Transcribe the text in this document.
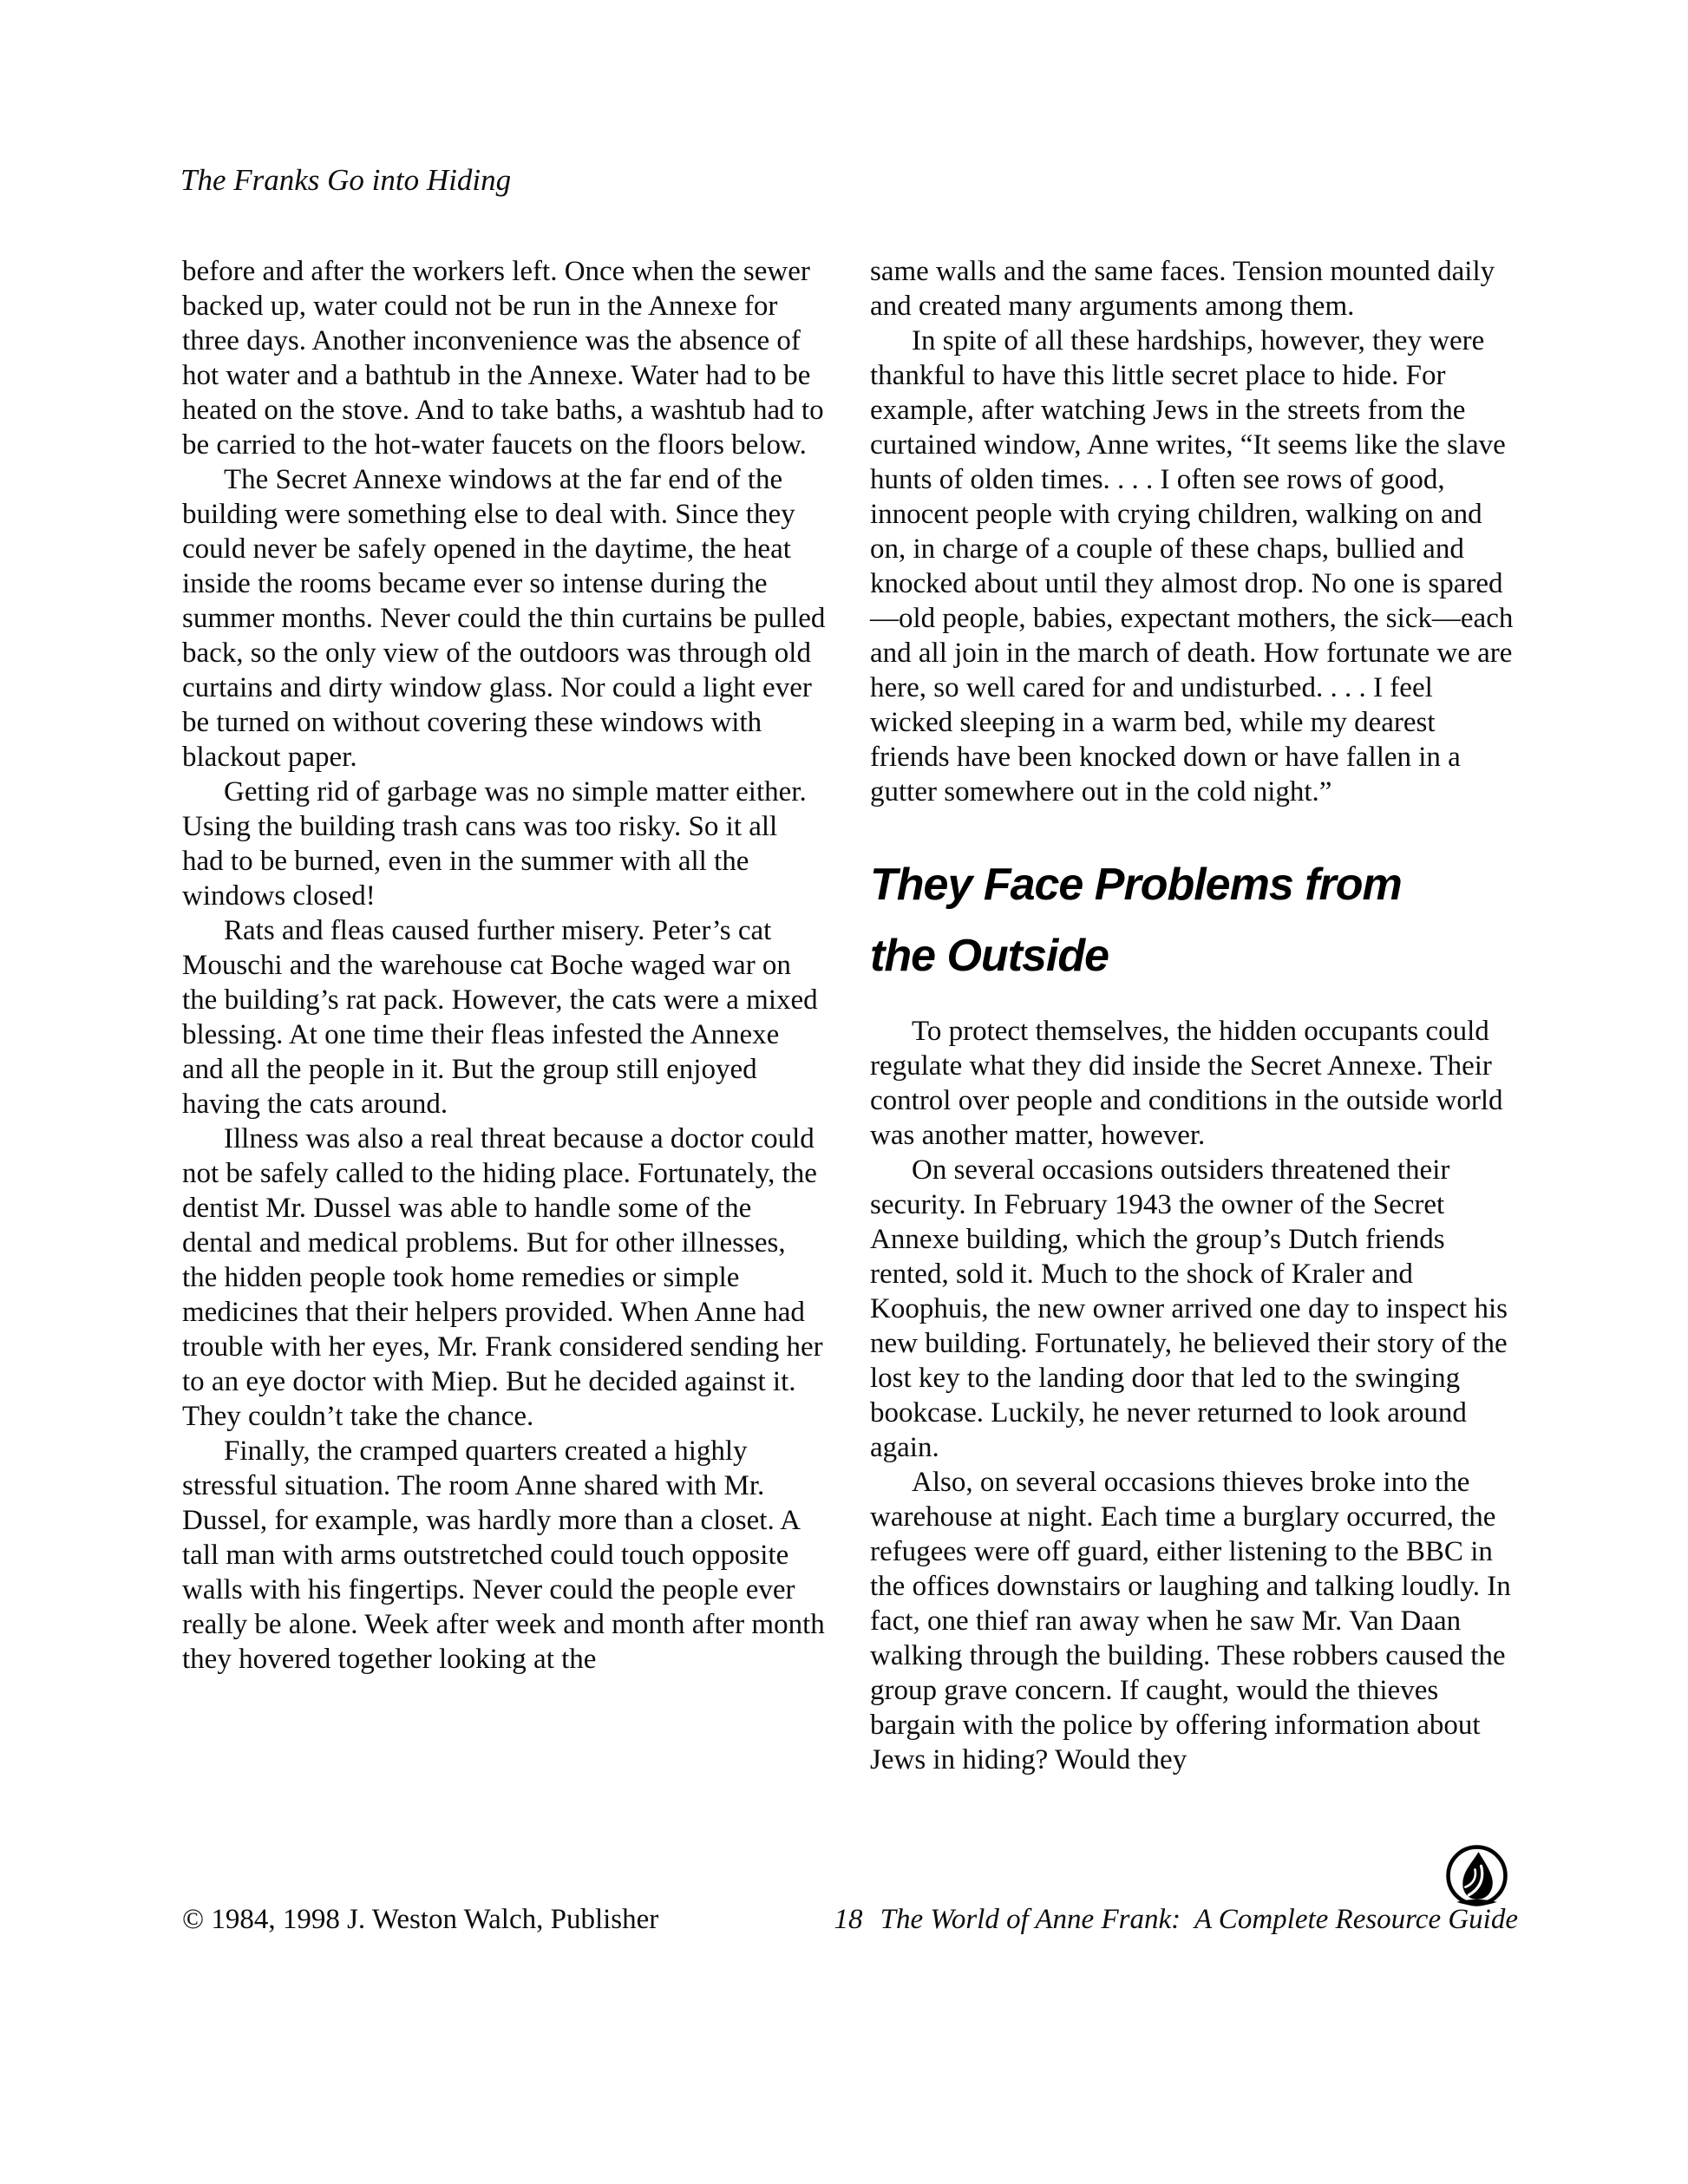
The Franks Go into Hiding

before and after the workers left. Once when the sewer backed up, water could not be run in the Annexe for three days. Another inconvenience was the absence of hot water and a bathtub in the Annexe. Water had to be heated on the stove. And to take baths, a washtub had to be carried to the hot-water faucets on the floors below.

The Secret Annexe windows at the far end of the building were something else to deal with. Since they could never be safely opened in the daytime, the heat inside the rooms became ever so intense during the summer months. Never could the thin curtains be pulled back, so the only view of the outdoors was through old curtains and dirty window glass. Nor could a light ever be turned on without covering these windows with blackout paper.

Getting rid of garbage was no simple matter either. Using the building trash cans was too risky. So it all had to be burned, even in the summer with all the windows closed!

Rats and fleas caused further misery. Peter’s cat Mouschi and the warehouse cat Boche waged war on the building’s rat pack. However, the cats were a mixed blessing. At one time their fleas infested the Annexe and all the people in it. But the group still enjoyed having the cats around.

Illness was also a real threat because a doctor could not be safely called to the hiding place. Fortunately, the dentist Mr. Dussel was able to handle some of the dental and medical problems. But for other illnesses, the hidden people took home remedies or simple medicines that their helpers provided. When Anne had trouble with her eyes, Mr. Frank considered sending her to an eye doctor with Miep. But he decided against it. They couldn’t take the chance.

Finally, the cramped quarters created a highly stressful situation. The room Anne shared with Mr. Dussel, for example, was hardly more than a closet. A tall man with arms outstretched could touch opposite walls with his fingertips. Never could the people ever really be alone. Week after week and month after month they hovered together looking at the

same walls and the same faces. Tension mounted daily and created many arguments among them.

In spite of all these hardships, however, they were thankful to have this little secret place to hide. For example, after watching Jews in the streets from the curtained window, Anne writes, “It seems like the slave hunts of olden times. . . . I often see rows of good, innocent people with crying children, walking on and on, in charge of a couple of these chaps, bullied and knocked about until they almost drop. No one is spared—old people, babies, expectant mothers, the sick—each and all join in the march of death. How fortunate we are here, so well cared for and undisturbed. . . . I feel wicked sleeping in a warm bed, while my dearest friends have been knocked down or have fallen in a gutter somewhere out in the cold night.”

They Face Problems from
the Outside

To protect themselves, the hidden occupants could regulate what they did inside the Secret Annexe. Their control over people and conditions in the outside world was another matter, however.

On several occasions outsiders threatened their security. In February 1943 the owner of the Secret Annexe building, which the group’s Dutch friends rented, sold it. Much to the shock of Kraler and Koophuis, the new owner arrived one day to inspect his new building. Fortunately, he believed their story of the lost key to the landing door that led to the swinging bookcase. Luckily, he never returned to look around again.

Also, on several occasions thieves broke into the warehouse at night. Each time a burglary occurred, the refugees were off guard, either listening to the BBC in the offices downstairs or laughing and talking loudly. In fact, one thief ran away when he saw Mr. Van Daan walking through the building. These robbers caused the group grave concern. If caught, would the thieves bargain with the police by offering information about Jews in hiding? Would they

© 1984, 1998 J. Weston Walch, Publisher	18 The World of Anne Frank:  A Complete Resource Guide
